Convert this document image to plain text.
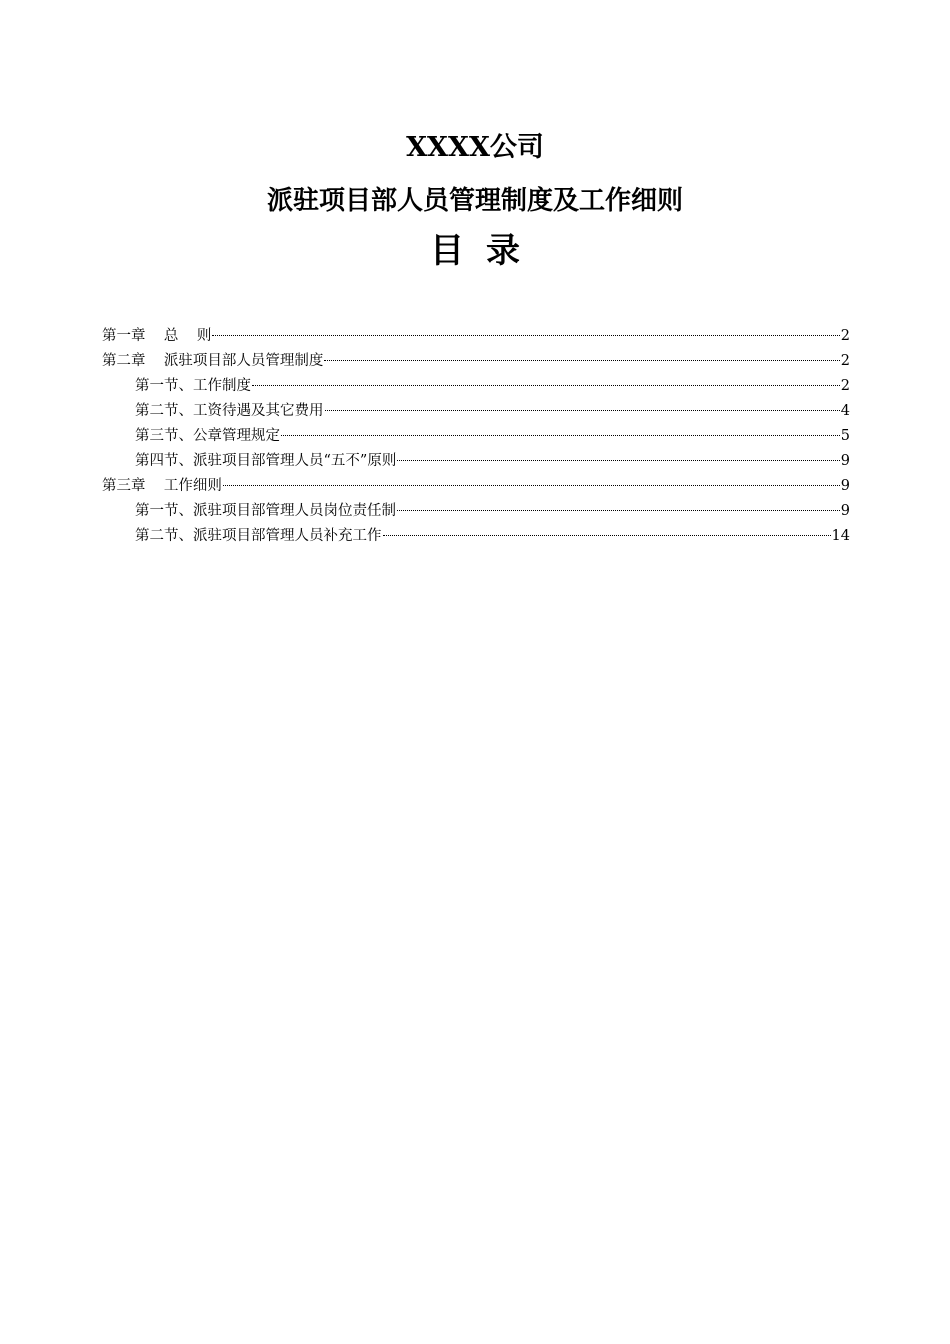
XXXX公司
派驻项目部人员管理制度及工作细则
目录
第一章    总    则	2
第二章    派驻项目部人员管理制度	2
第一节、工作制度	2
第二节、工资待遇及其它费用	4
第三节、公章管理规定	5
第四节、派驻项目部管理人员“五不”原则	9
第三章    工作细则	9
第一节、派驻项目部管理人员岗位责任制	9
第二节、派驻项目部管理人员补充工作	14
